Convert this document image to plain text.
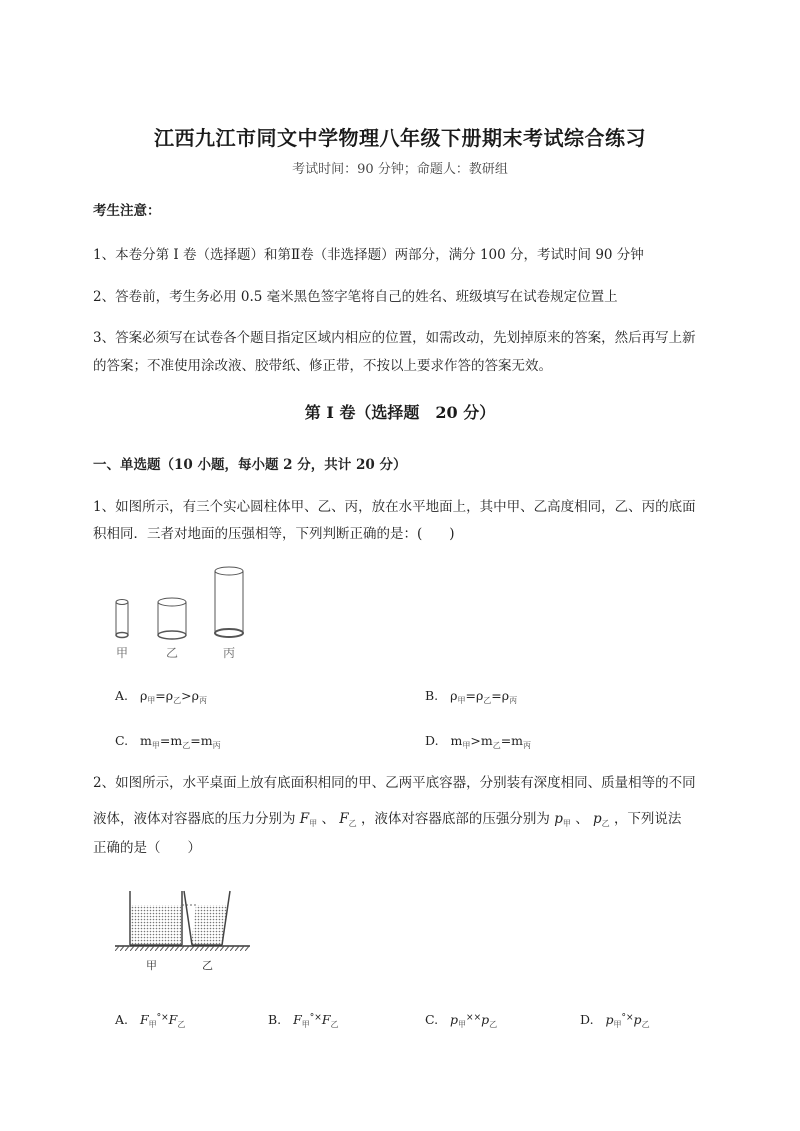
江西九江市同文中学物理八年级下册期末考试综合练习
考试时间：90 分钟；命题人：教研组
考生注意：
1、本卷分第 I 卷（选择题）和第Ⅱ卷（非选择题）两部分，满分 100 分，考试时间 90 分钟
2、答卷前，考生务必用 0.5 毫米黑色签字笔将自己的姓名、班级填写在试卷规定位置上
3、答案必须写在试卷各个题目指定区域内相应的位置，如需改动，先划掉原来的答案，然后再写上新
的答案；不准使用涂改液、胶带纸、修正带，不按以上要求作答的答案无效。
第 I 卷（选择题　20 分）
一、单选题（10 小题，每小题 2 分，共计 20 分）
1、如图所示，有三个实心圆柱体甲、乙、丙，放在水平地面上，其中甲、乙高度相同，乙、丙的底面
积相同．三者对地面的压强相等，下列判断正确的是：(　　)
甲	乙	丙
A. $\rho_甲=\rho_乙>\rho_丙$	B. $\rho_甲=\rho_乙=\rho_丙$
C. $m_甲=m_乙=m_丙$	D. $m_甲>m_乙=m_丙$
2、如图所示，水平桌面上放有底面积相同的甲、乙两平底容器，分别装有深度相同、质量相等的不同
液体，液体对容器底的压力分别为 $F_甲$ 、 $F_乙$ ，液体对容器底部的压强分别为 $p_甲$ 、 $p_乙$ ，下列说法
正确的是（　　）
甲	乙
A. $F_甲^{^\circ\times}F_乙$	B. $F_甲^{^\circ\times}F_乙$	C. $p_甲^{\times\times}p_乙$	D. $p_甲^{^\circ\times}p_乙$
